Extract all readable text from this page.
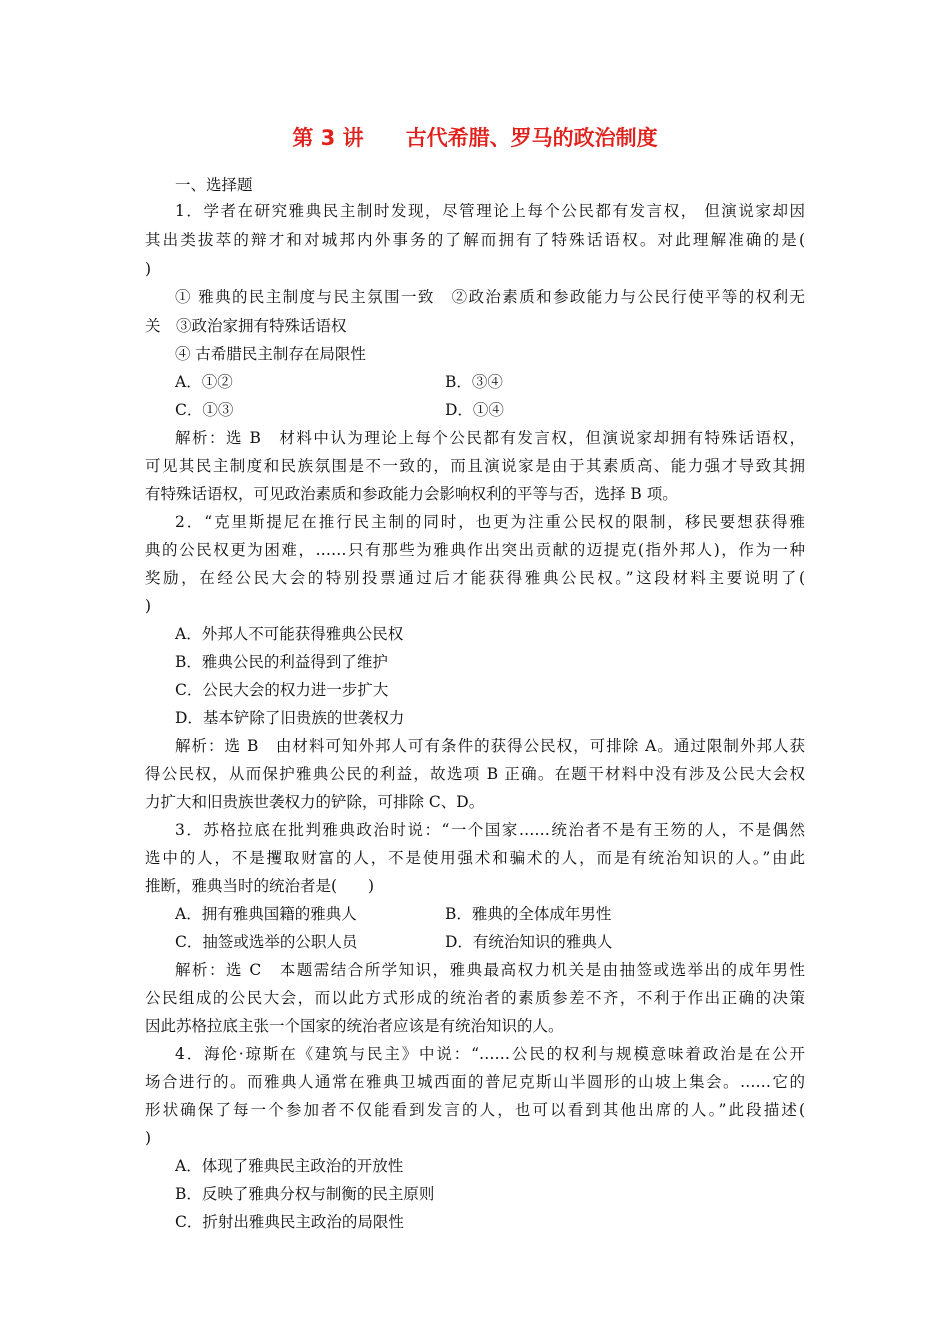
第 3 讲　　古代希腊、罗马的政治制度
一、选择题
1．学者在研究雅典民主制时发现，尽管理论上每个公民都有发言权， 但演说家却因
其出类拔萃的辩才和对城邦内外事务的了解而拥有了特殊话语权。对此理解准确的是(
)
① 雅典的民主制度与民主氛围一致　②政治素质和参政能力与公民行使平等的权利无
关　③政治家拥有特殊话语权
④ 古希腊民主制存在局限性
A．①②	B．③④
C．①③	D．①④
解析：选 B　材料中认为理论上每个公民都有发言权，但演说家却拥有特殊话语权，
可见其民主制度和民族氛围是不一致的，而且演说家是由于其素质高、能力强才导致其拥
有特殊话语权，可见政治素质和参政能力会影响权利的平等与否，选择 B 项。
2．“克里斯提尼在推行民主制的同时，也更为注重公民权的限制，移民要想获得雅
典的公民权更为困难，……只有那些为雅典作出突出贡献的迈提克(指外邦人)，作为一种
奖励，在经公民大会的特别投票通过后才能获得雅典公民权。”这段材料主要说明了(
)
A．外邦人不可能获得雅典公民权
B．雅典公民的利益得到了维护
C．公民大会的权力进一步扩大
D．基本铲除了旧贵族的世袭权力
解析：选 B　由材料可知外邦人可有条件的获得公民权，可排除 A。通过限制外邦人获
得公民权，从而保护雅典公民的利益，故选项 B 正确。在题干材料中没有涉及公民大会权
力扩大和旧贵族世袭权力的铲除，可排除 C、D。
3．苏格拉底在批判雅典政治时说：“一个国家……统治者不是有王笏的人，不是偶然
选中的人，不是攫取财富的人，不是使用强术和骗术的人，而是有统治知识的人。”由此
推断，雅典当时的统治者是(　　)
A．拥有雅典国籍的雅典人	B．雅典的全体成年男性
C．抽签或选举的公职人员	D．有统治知识的雅典人
解析：选 C　本题需结合所学知识，雅典最高权力机关是由抽签或选举出的成年男性
公民组成的公民大会，而以此方式形成的统治者的素质参差不齐，不利于作出正确的决策
因此苏格拉底主张一个国家的统治者应该是有统治知识的人。
4．海伦·琼斯在《建筑与民主》中说：“……公民的权利与规模意味着政治是在公开
场合进行的。而雅典人通常在雅典卫城西面的普尼克斯山半圆形的山坡上集会。……它的
形状确保了每一个参加者不仅能看到发言的人，也可以看到其他出席的人。”此段描述(
)
A．体现了雅典民主政治的开放性
B．反映了雅典分权与制衡的民主原则
C．折射出雅典民主政治的局限性
